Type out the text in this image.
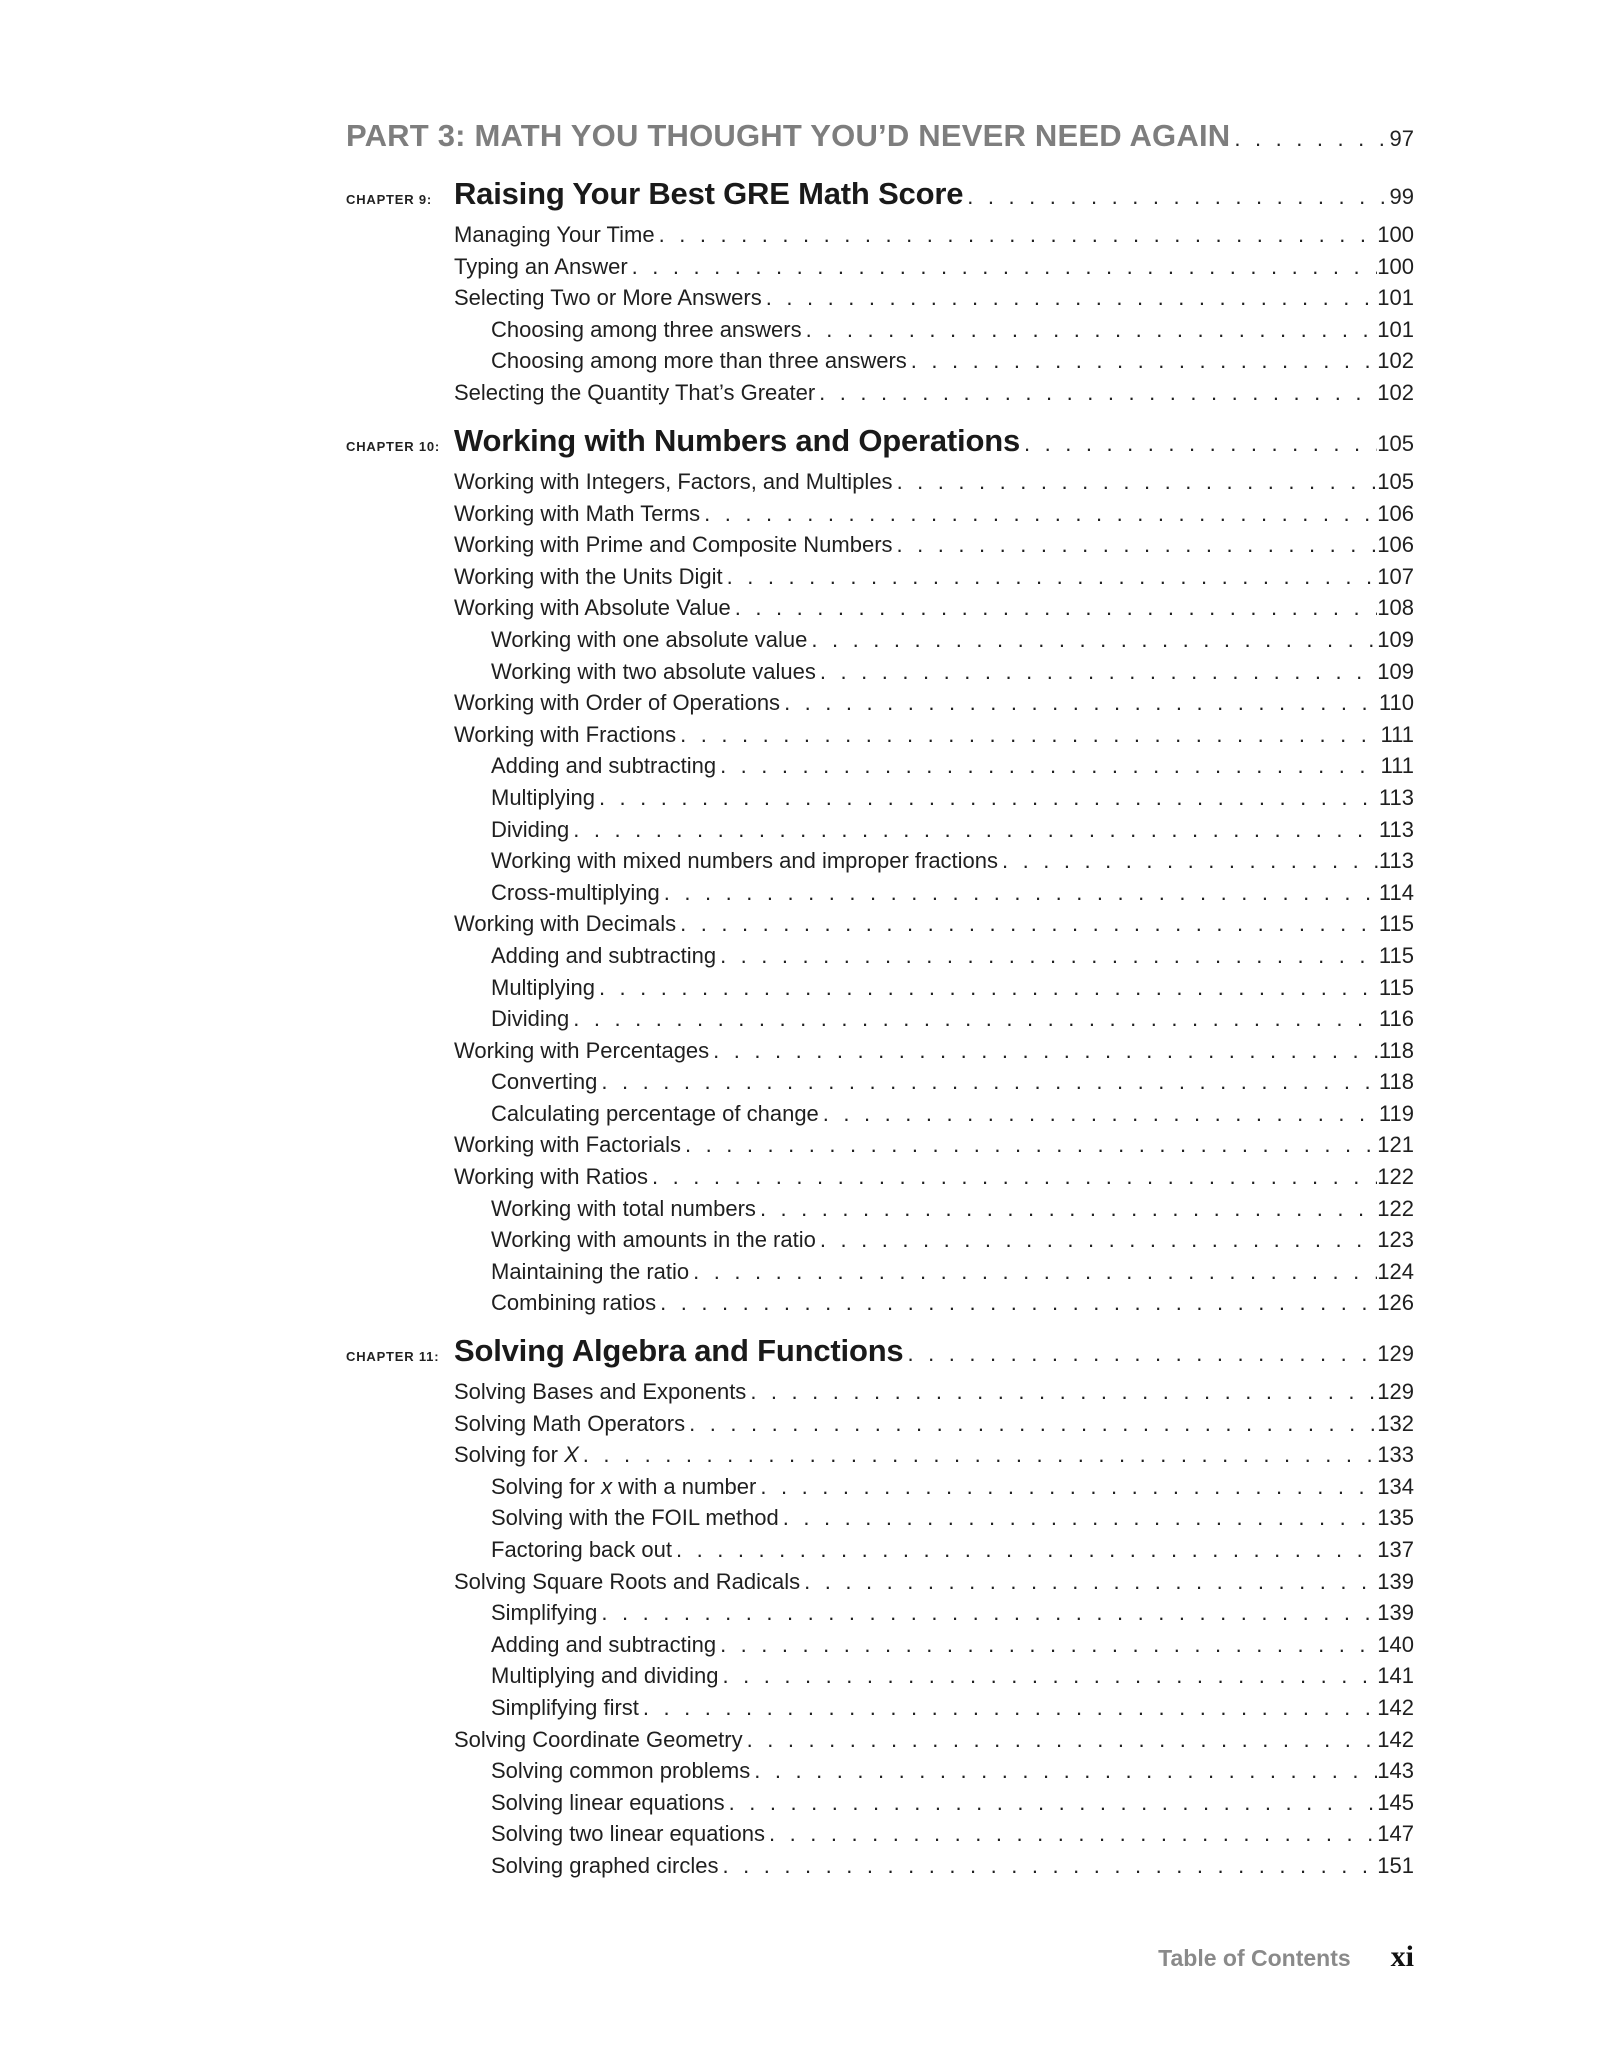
PART 3: MATH YOU THOUGHT YOU’D NEVER NEED AGAIN . . .	97
CHAPTER 9: Raising Your Best GRE Math Score . . .	99
Managing Your Time . . .	100
Typing an Answer . . .	100
Selecting Two or More Answers . . .	101
Choosing among three answers . . .	101
Choosing among more than three answers . . .	102
Selecting the Quantity That’s Greater . . .	102
CHAPTER 10: Working with Numbers and Operations . . .	105
Working with Integers, Factors, and Multiples . . .	105
Working with Math Terms . . .	106
Working with Prime and Composite Numbers . . .	106
Working with the Units Digit . . .	107
Working with Absolute Value . . .	108
Working with one absolute value . . .	109
Working with two absolute values . . .	109
Working with Order of Operations . . .	110
Working with Fractions . . .	111
Adding and subtracting . . .	111
Multiplying . . .	113
Dividing . . .	113
Working with mixed numbers and improper fractions . . .	113
Cross-multiplying . . .	114
Working with Decimals . . .	115
Adding and subtracting . . .	115
Multiplying . . .	115
Dividing . . .	116
Working with Percentages . . .	118
Converting . . .	118
Calculating percentage of change . . .	119
Working with Factorials . . .	121
Working with Ratios . . .	122
Working with total numbers . . .	122
Working with amounts in the ratio . . .	123
Maintaining the ratio . . .	124
Combining ratios . . .	126
CHAPTER 11: Solving Algebra and Functions . . .	129
Solving Bases and Exponents . . .	129
Solving Math Operators . . .	132
Solving for X . . .	133
Solving for x with a number . . .	134
Solving with the FOIL method . . .	135
Factoring back out . . .	137
Solving Square Roots and Radicals . . .	139
Simplifying . . .	139
Adding and subtracting . . .	140
Multiplying and dividing . . .	141
Simplifying first . . .	142
Solving Coordinate Geometry . . .	142
Solving common problems . . .	143
Solving linear equations . . .	145
Solving two linear equations . . .	147
Solving graphed circles . . .	151
Table of Contents xi
